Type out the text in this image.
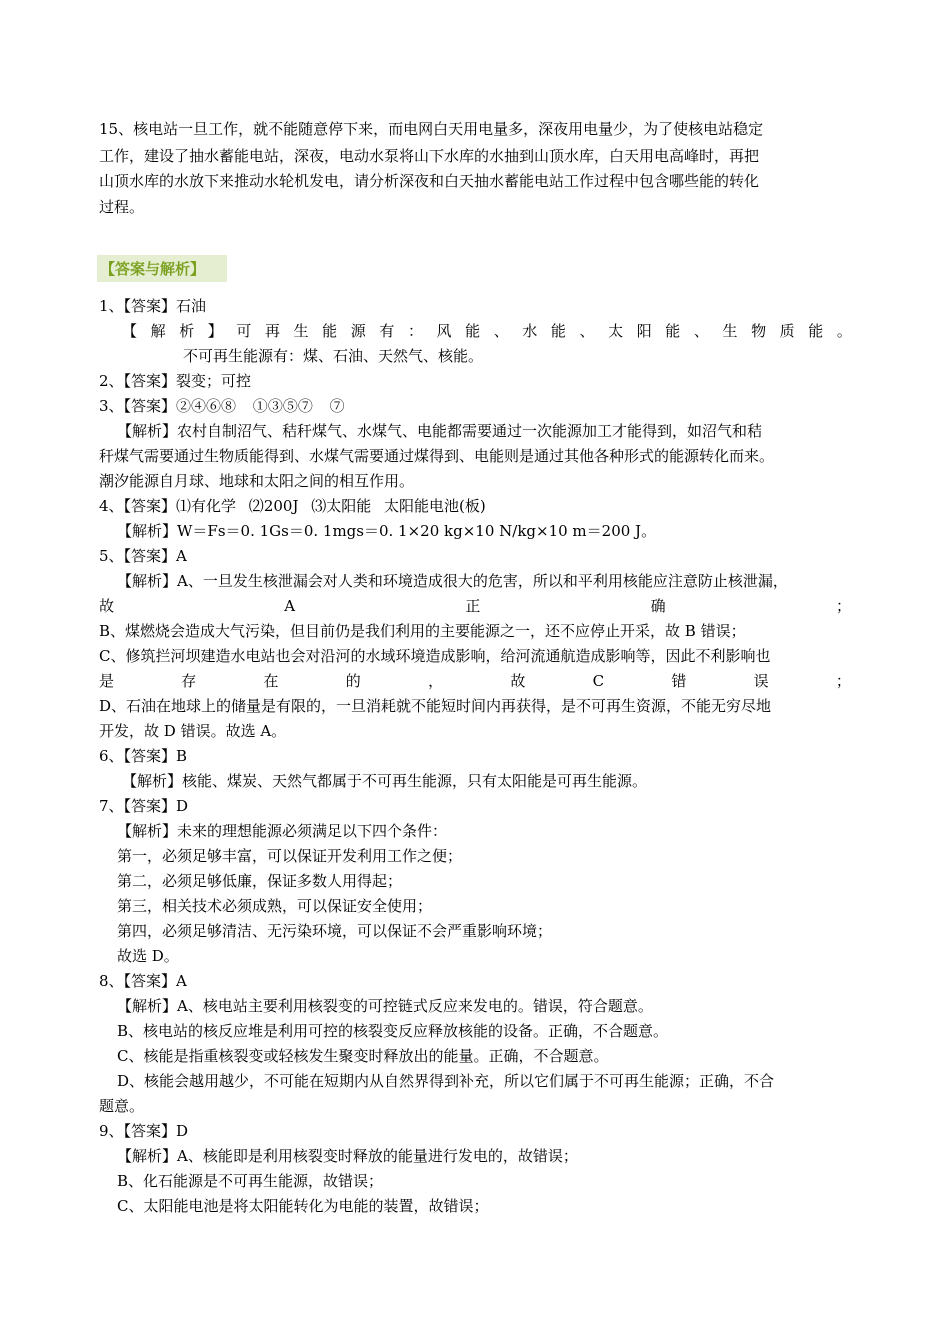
15、核电站一旦工作，就不能随意停下来，而电网白天用电量多，深夜用电量少，为了使核电站稳定
工作，建设了抽水蓄能电站，深夜，电动水泵将山下水库的水抽到山顶水库，白天用电高峰时，再把
山顶水库的水放下来推动水轮机发电，请分析深夜和白天抽水蓄能电站工作过程中包含哪些能的转化
过程。
【答案与解析】
1、【答案】石油
【 解 析 】 可 再 生 能 源 有 ： 风 能 、 水 能 、 太 阳 能 、 生 物 质 能 。
不可再生能源有：煤、石油、天然气、核能。
2、【答案】裂变；可控
3、【答案】②④⑥⑧ ①③⑤⑦ ⑦
【解析】农村自制沼气、秸秆煤气、水煤气、电能都需要通过一次能源加工才能得到，如沼气和秸
秆煤气需要通过生物质能得到、水煤气需要通过煤得到、电能则是通过其他各种形式的能源转化而来。
潮汐能源自月球、地球和太阳之间的相互作用。
4、【答案】⑴有化学 ⑵200J ⑶太阳能 太阳能电池(板)
【解析】W＝Fs＝0. 1Gs＝0. 1mgs＝0. 1×20 kg×10 N/kg×10 m＝200 J。
5、【答案】A
【解析】A、一旦发生核泄漏会对人类和环境造成很大的危害，所以和平利用核能应注意防止核泄漏，
故	A	正	确	；
B、煤燃烧会造成大气污染，但目前仍是我们利用的主要能源之一，还不应停止开采，故 B 错误；
C、修筑拦河坝建造水电站也会对沿河的水域环境造成影响，给河流通航造成影响等，因此不利影响也
是	存	在	的	，	故	C	错	误	；
D、石油在地球上的储量是有限的，一旦消耗就不能短时间内再获得，是不可再生资源，不能无穷尽地
开发，故 D 错误。故选 A。
6、【答案】B
【解析】核能、煤炭、天然气都属于不可再生能源，只有太阳能是可再生能源。
7、【答案】D
【解析】未来的理想能源必须满足以下四个条件：
第一，必须足够丰富，可以保证开发利用工作之便；
第二，必须足够低廉，保证多数人用得起；
第三，相关技术必须成熟，可以保证安全使用；
第四，必须足够清洁、无污染环境，可以保证不会严重影响环境；
故选 D。
8、【答案】A
【解析】A、核电站主要利用核裂变的可控链式反应来发电的。错误，符合题意。
B、核电站的核反应堆是利用可控的核裂变反应释放核能的设备。正确，不合题意。
C、核能是指重核裂变或轻核发生聚变时释放出的能量。正确，不合题意。
D、核能会越用越少，不可能在短期内从自然界得到补充，所以它们属于不可再生能源；正确，不合
题意。
9、【答案】D
【解析】A、核能即是利用核裂变时释放的能量进行发电的，故错误；
B、化石能源是不可再生能源，故错误；
C、太阳能电池是将太阳能转化为电能的装置，故错误；
